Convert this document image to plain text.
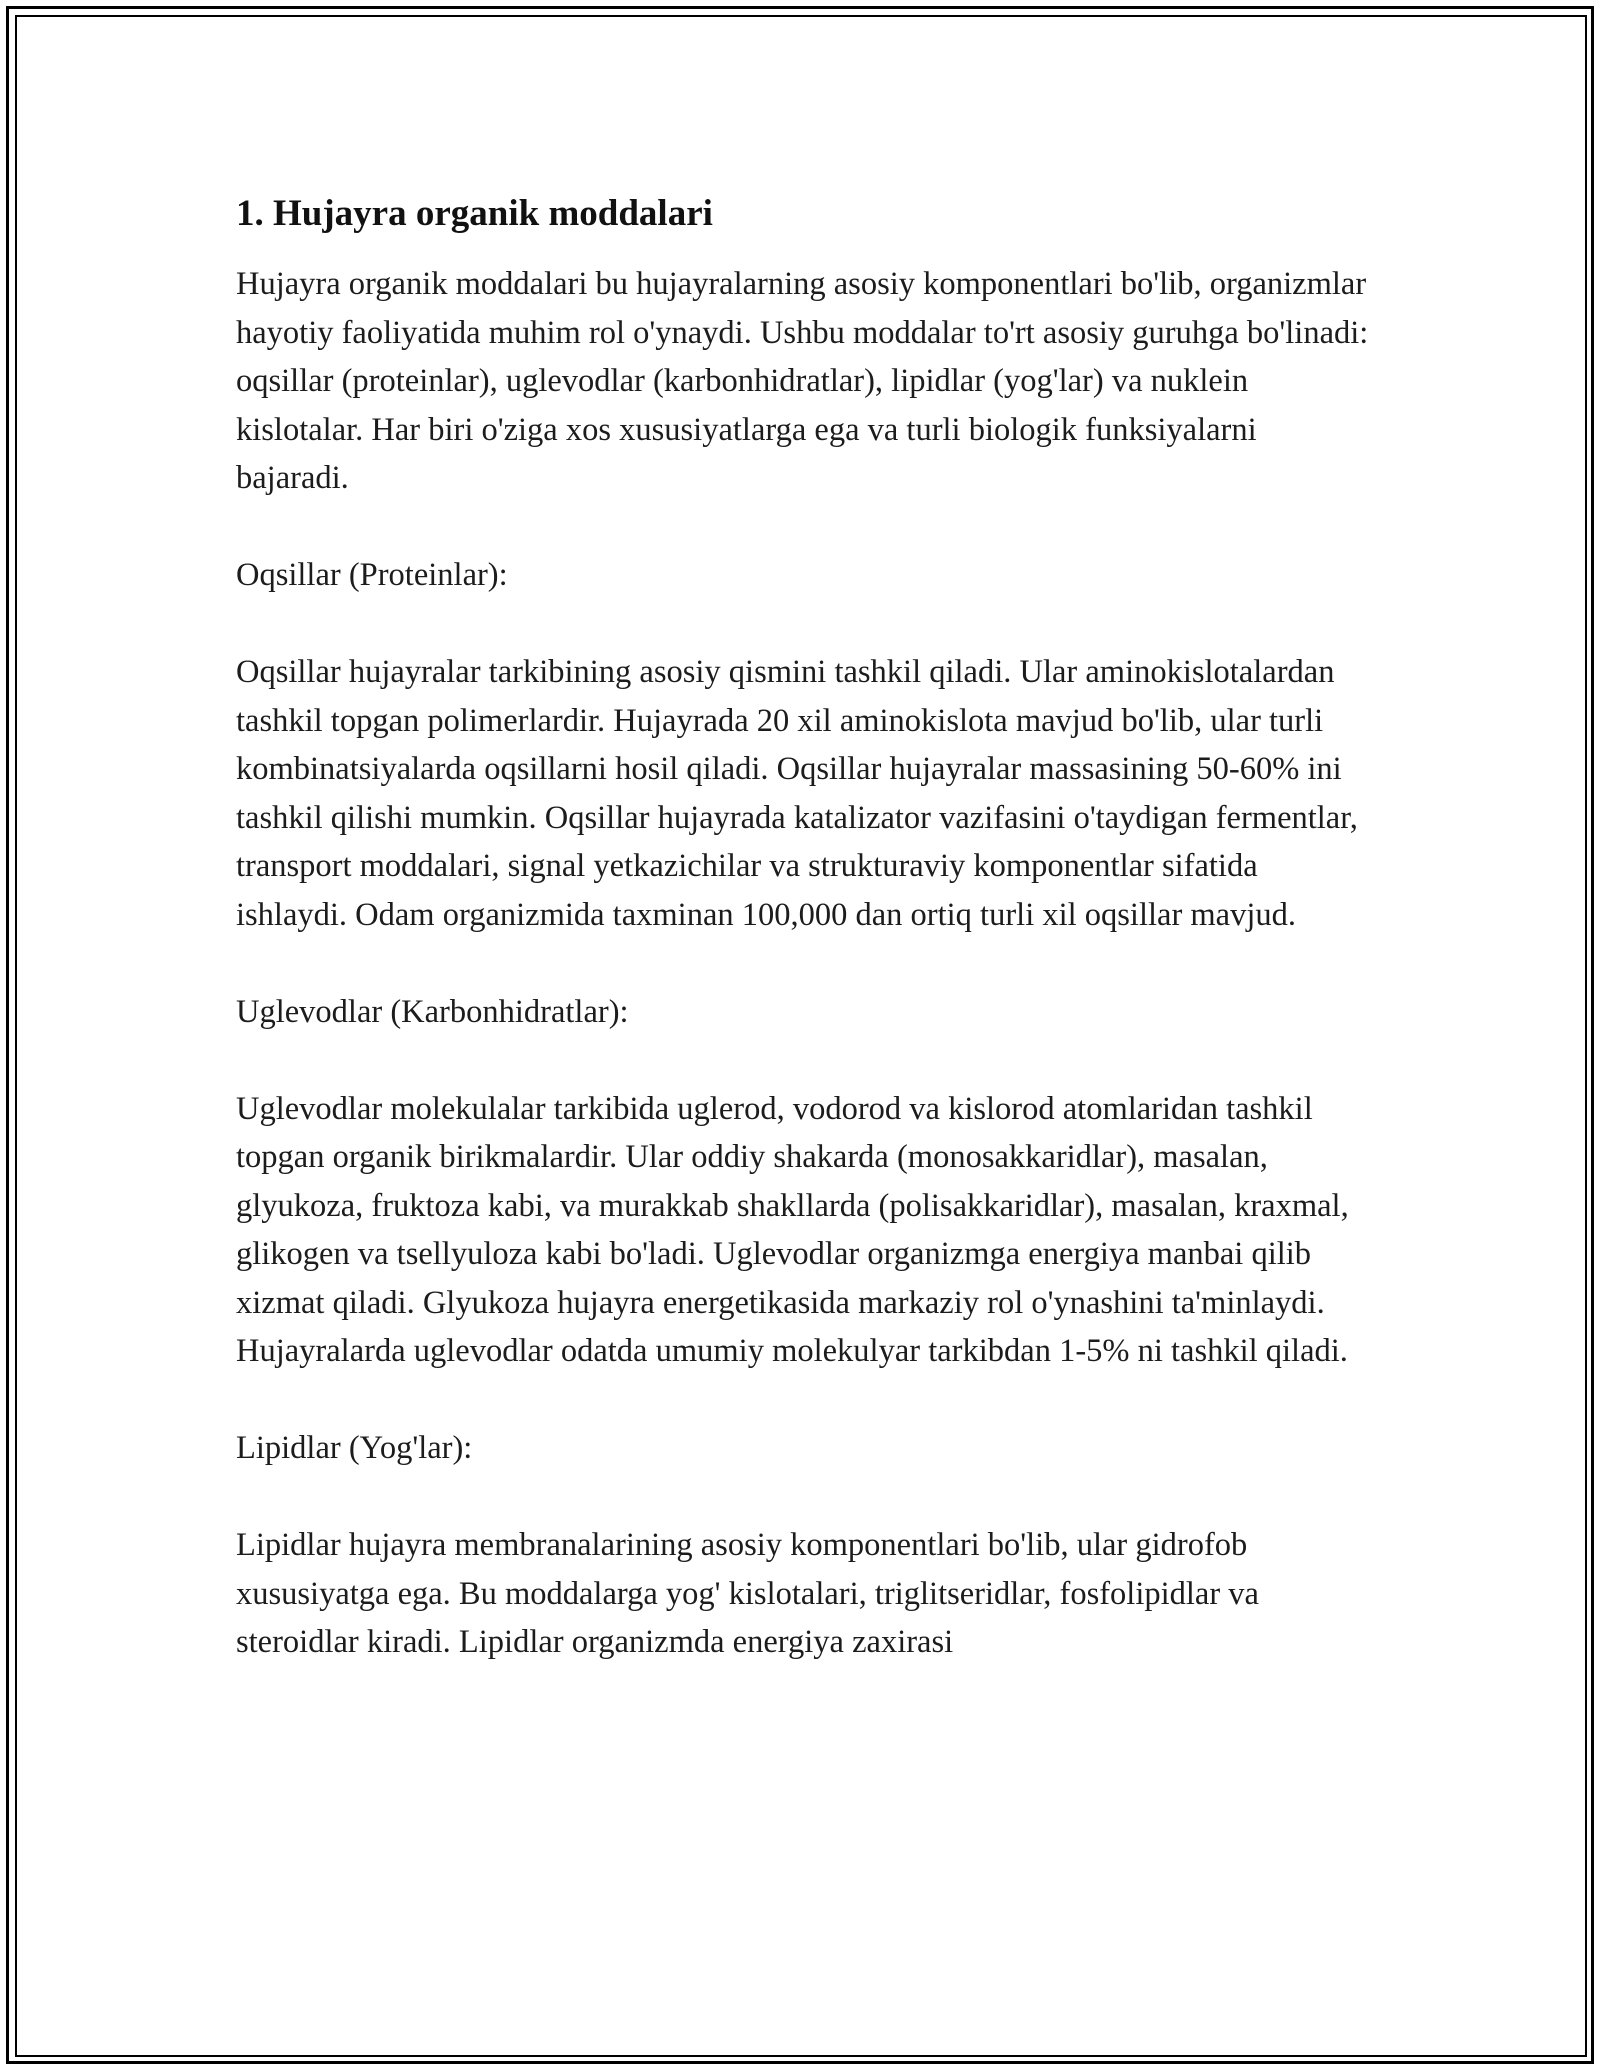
1. Hujayra organik moddalari

Hujayra organik moddalari bu hujayralarning asosiy komponentlari bo'lib, organizmlar hayotiy faoliyatida muhim rol o'ynaydi. Ushbu moddalar to'rt asosiy guruhga bo'linadi: oqsillar (proteinlar), uglevodlar (karbonhidratlar), lipidlar (yog'lar) va nuklein kislotalar. Har biri o'ziga xos xususiyatlarga ega va turli biologik funksiyalarni bajaradi.

Oqsillar (Proteinlar):

Oqsillar hujayralar tarkibining asosiy qismini tashkil qiladi. Ular aminokislotalardan tashkil topgan polimerlardir. Hujayrada 20 xil aminokislota mavjud bo'lib, ular turli kombinatsiyalarda oqsillarni hosil qiladi. Oqsillar hujayralar massasining 50-60% ini tashkil qilishi mumkin. Oqsillar hujayrada katalizator vazifasini o'taydigan fermentlar, transport moddalari, signal yetkazichilar va strukturaviy komponentlar sifatida ishlaydi. Odam organizmida taxminan 100,000 dan ortiq turli xil oqsillar mavjud.

Uglevodlar (Karbonhidratlar):

Uglevodlar molekulalar tarkibida uglerod, vodorod va kislorod atomlaridan tashkil topgan organik birikmalardir. Ular oddiy shakarda (monosakkaridlar), masalan, glyukoza, fruktoza kabi, va murakkab shakllarda (polisakkaridlar), masalan, kraxmal, glikogen va tsellyuloza kabi bo'ladi. Uglevodlar organizmga energiya manbai qilib xizmat qiladi. Glyukoza hujayra energetikasida markaziy rol o'ynashini ta'minlaydi. Hujayralarda uglevodlar odatda umumiy molekulyar tarkibdan 1-5% ni tashkil qiladi.

Lipidlar (Yog'lar):

Lipidlar hujayra membranalarining asosiy komponentlari bo'lib, ular gidrofob xususiyatga ega. Bu moddalarga yog' kislotalari, triglitseridlar, fosfolipidlar va steroidlar kiradi. Lipidlar organizmda energiya zaxirasi
